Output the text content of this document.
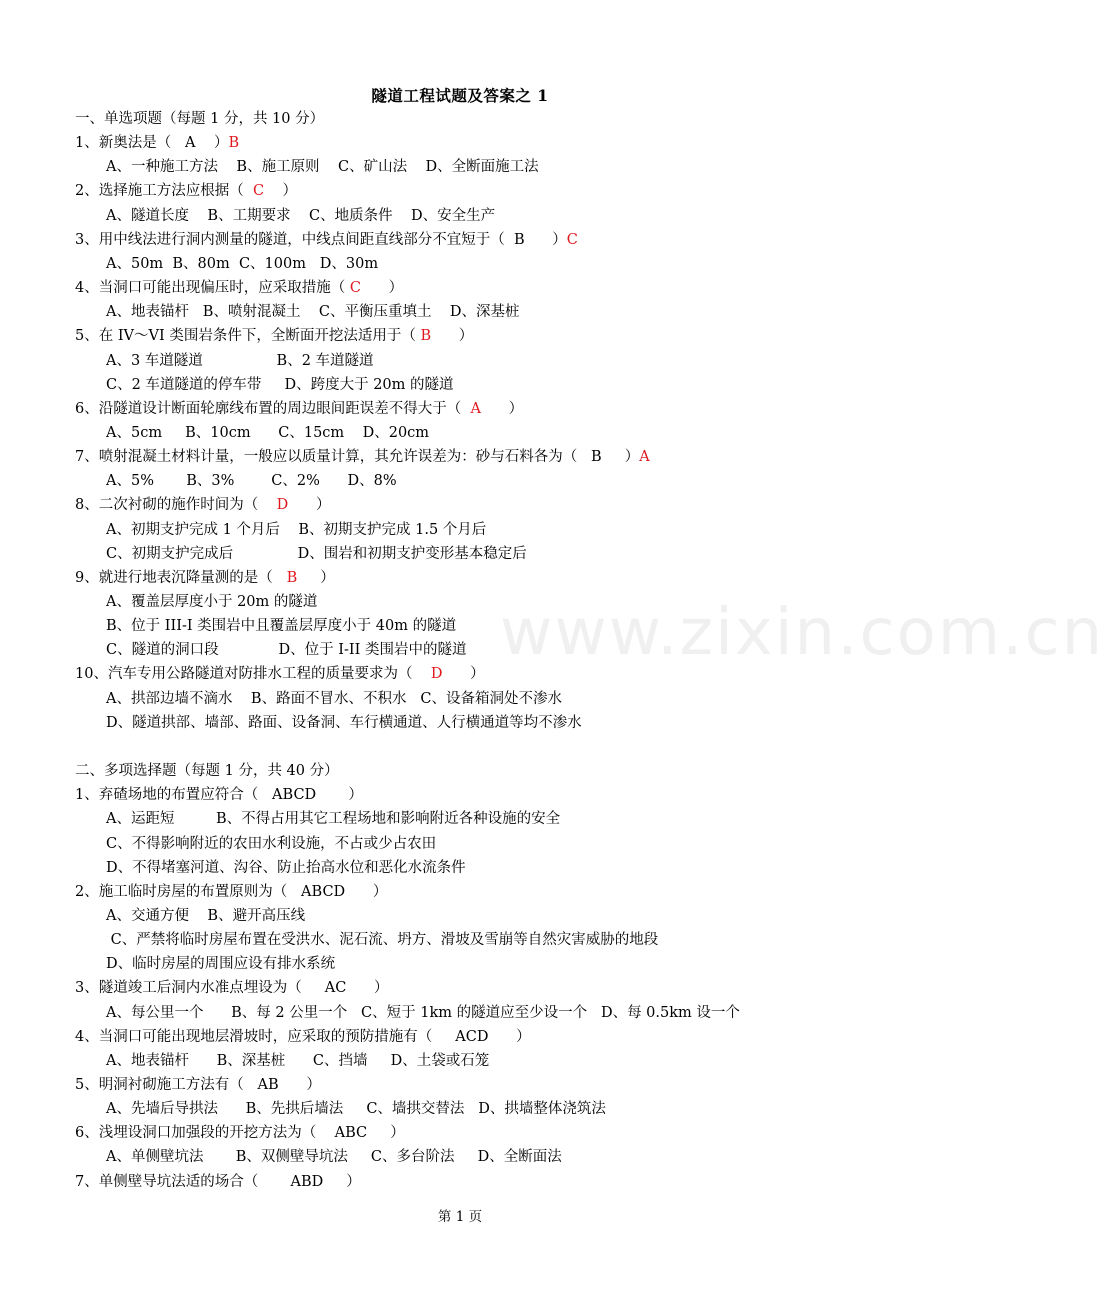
www.zixin.com.cn
隧道工程试题及答案之 1
一、单选项题（每题 1 分，共 10 分）
1、新奥法是（   A    ）B
A、一种施工方法    B、施工原则    C、矿山法    D、全断面施工法
2、选择施工方法应根据（  C    ）
A、隧道长度    B、工期要求    C、地质条件    D、安全生产
3、用中线法进行洞内测量的隧道，中线点间距直线部分不宜短于（  B      ）C
A、50m  B、80m  C、100m   D、30m
4、当洞口可能出现偏压时，应采取措施（ C      ）
A、地表锚杆   B、喷射混凝土    C、平衡压重填土    D、深基桩
5、在 IV～VI 类围岩条件下，全断面开挖法适用于（ B      ）
A、3 车道隧道                B、2 车道隧道
C、2 车道隧道的停车带     D、跨度大于 20m 的隧道
6、沿隧道设计断面轮廓线布置的周边眼间距误差不得大于（  A      ）
A、5cm     B、10cm      C、15cm    D、20cm
7、喷射混凝土材料计量，一般应以质量计算，其允许误差为：砂与石料各为（   B     ）A
A、5%       B、3%        C、2%      D、8%
8、二次衬砌的施作时间为（    D      ）
A、初期支护完成 1 个月后    B、初期支护完成 1.5 个月后
C、初期支护完成后              D、围岩和初期支护变形基本稳定后
9、就进行地表沉降量测的是（   B     ）
A、覆盖层厚度小于 20m 的隧道
B、位于 III-I 类围岩中且覆盖层厚度小于 40m 的隧道
C、隧道的洞口段             D、位于 I-II 类围岩中的隧道
10、汽车专用公路隧道对防排水工程的质量要求为（    D      ）
A、拱部边墙不滴水    B、路面不冒水、不积水   C、设备箱洞处不渗水
D、隧道拱部、墙部、路面、设备洞、车行横通道、人行横通道等均不渗水
二、多项选择题（每题 1 分，共 40 分）
1、弃碴场地的布置应符合（   ABCD       ）
A、运距短         B、不得占用其它工程场地和影响附近各种设施的安全
C、不得影响附近的农田水利设施，不占或少占农田
D、不得堵塞河道、沟谷、防止抬高水位和恶化水流条件
2、施工临时房屋的布置原则为（   ABCD      ）
A、交通方便    B、避开高压线
C、严禁将临时房屋布置在受洪水、泥石流、坍方、滑坡及雪崩等自然灾害威胁的地段
D、临时房屋的周围应设有排水系统
3、隧道竣工后洞内水准点埋设为（     AC      ）
A、每公里一个      B、每 2 公里一个   C、短于 1km 的隧道应至少设一个   D、每 0.5km 设一个
4、当洞口可能出现地层滑坡时，应采取的预防措施有（     ACD      ）
A、地表锚杆      B、深基桩      C、挡墙     D、土袋或石笼
5、明洞衬砌施工方法有（   AB      ）
A、先墙后导拱法      B、先拱后墙法     C、墙拱交替法   D、拱墙整体浇筑法
6、浅埋设洞口加强段的开挖方法为（    ABC     ）
A、单侧壁坑法       B、双侧壁导坑法     C、多台阶法     D、全断面法
7、单侧壁导坑法适的场合（       ABD     ）
第 1 页
